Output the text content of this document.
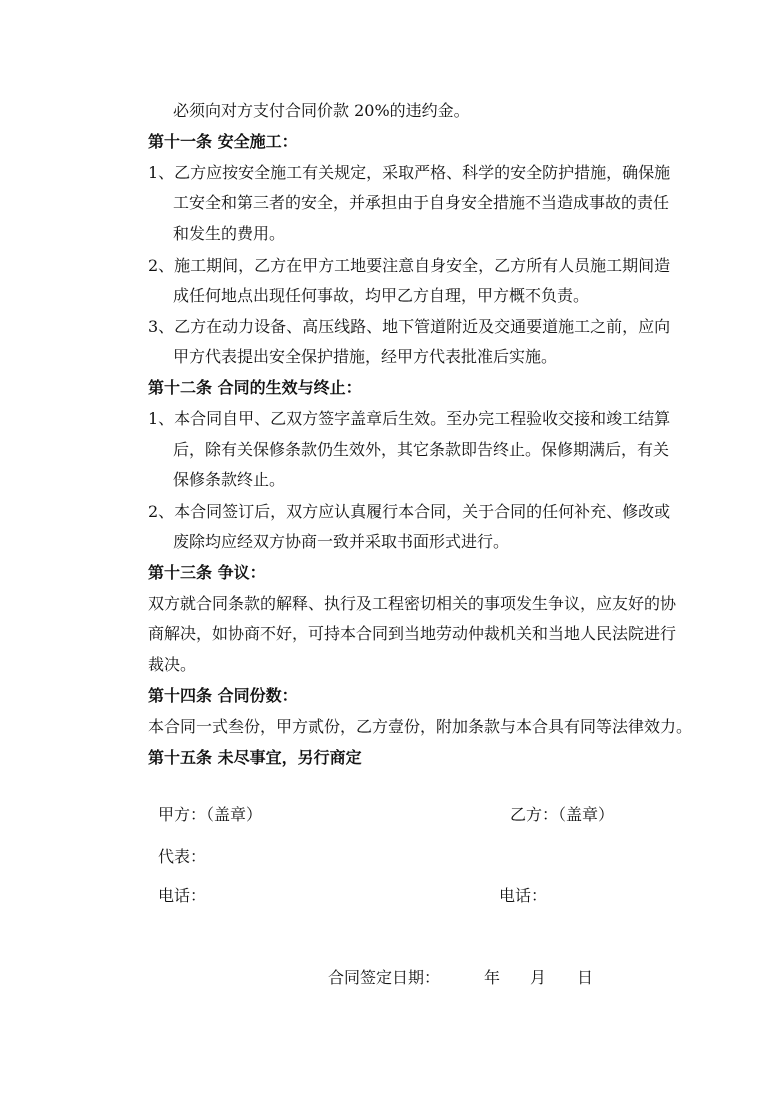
必须向对方支付合同价款 20%的违约金。
第十一条 安全施工：
1、乙方应按安全施工有关规定，采取严格、科学的安全防护措施，确保施
工安全和第三者的安全，并承担由于自身安全措施不当造成事故的责任
和发生的费用。
2、施工期间，乙方在甲方工地要注意自身安全，乙方所有人员施工期间造
成任何地点出现任何事故，均甲乙方自理，甲方概不负责。
3、乙方在动力设备、高压线路、地下管道附近及交通要道施工之前，应向
甲方代表提出安全保护措施，经甲方代表批准后实施。
第十二条 合同的生效与终止：
1、本合同自甲、乙双方签字盖章后生效。至办完工程验收交接和竣工结算
后，除有关保修条款仍生效外，其它条款即告终止。保修期满后，有关
保修条款终止。
2、本合同签订后，双方应认真履行本合同，关于合同的任何补充、修改或
废除均应经双方协商一致并采取书面形式进行。
第十三条 争议：
双方就合同条款的解释、执行及工程密切相关的事项发生争议，应友好的协
商解决，如协商不好，可持本合同到当地劳动仲裁机关和当地人民法院进行
裁决。
第十四条 合同份数：
本合同一式叁份，甲方贰份，乙方壹份，附加条款与本合具有同等法律效力。
第十五条 未尽事宜，另行商定
甲方：（盖章）	乙方：（盖章）
代表：
电话：	电话：
合同签定日期：	年 月 日
